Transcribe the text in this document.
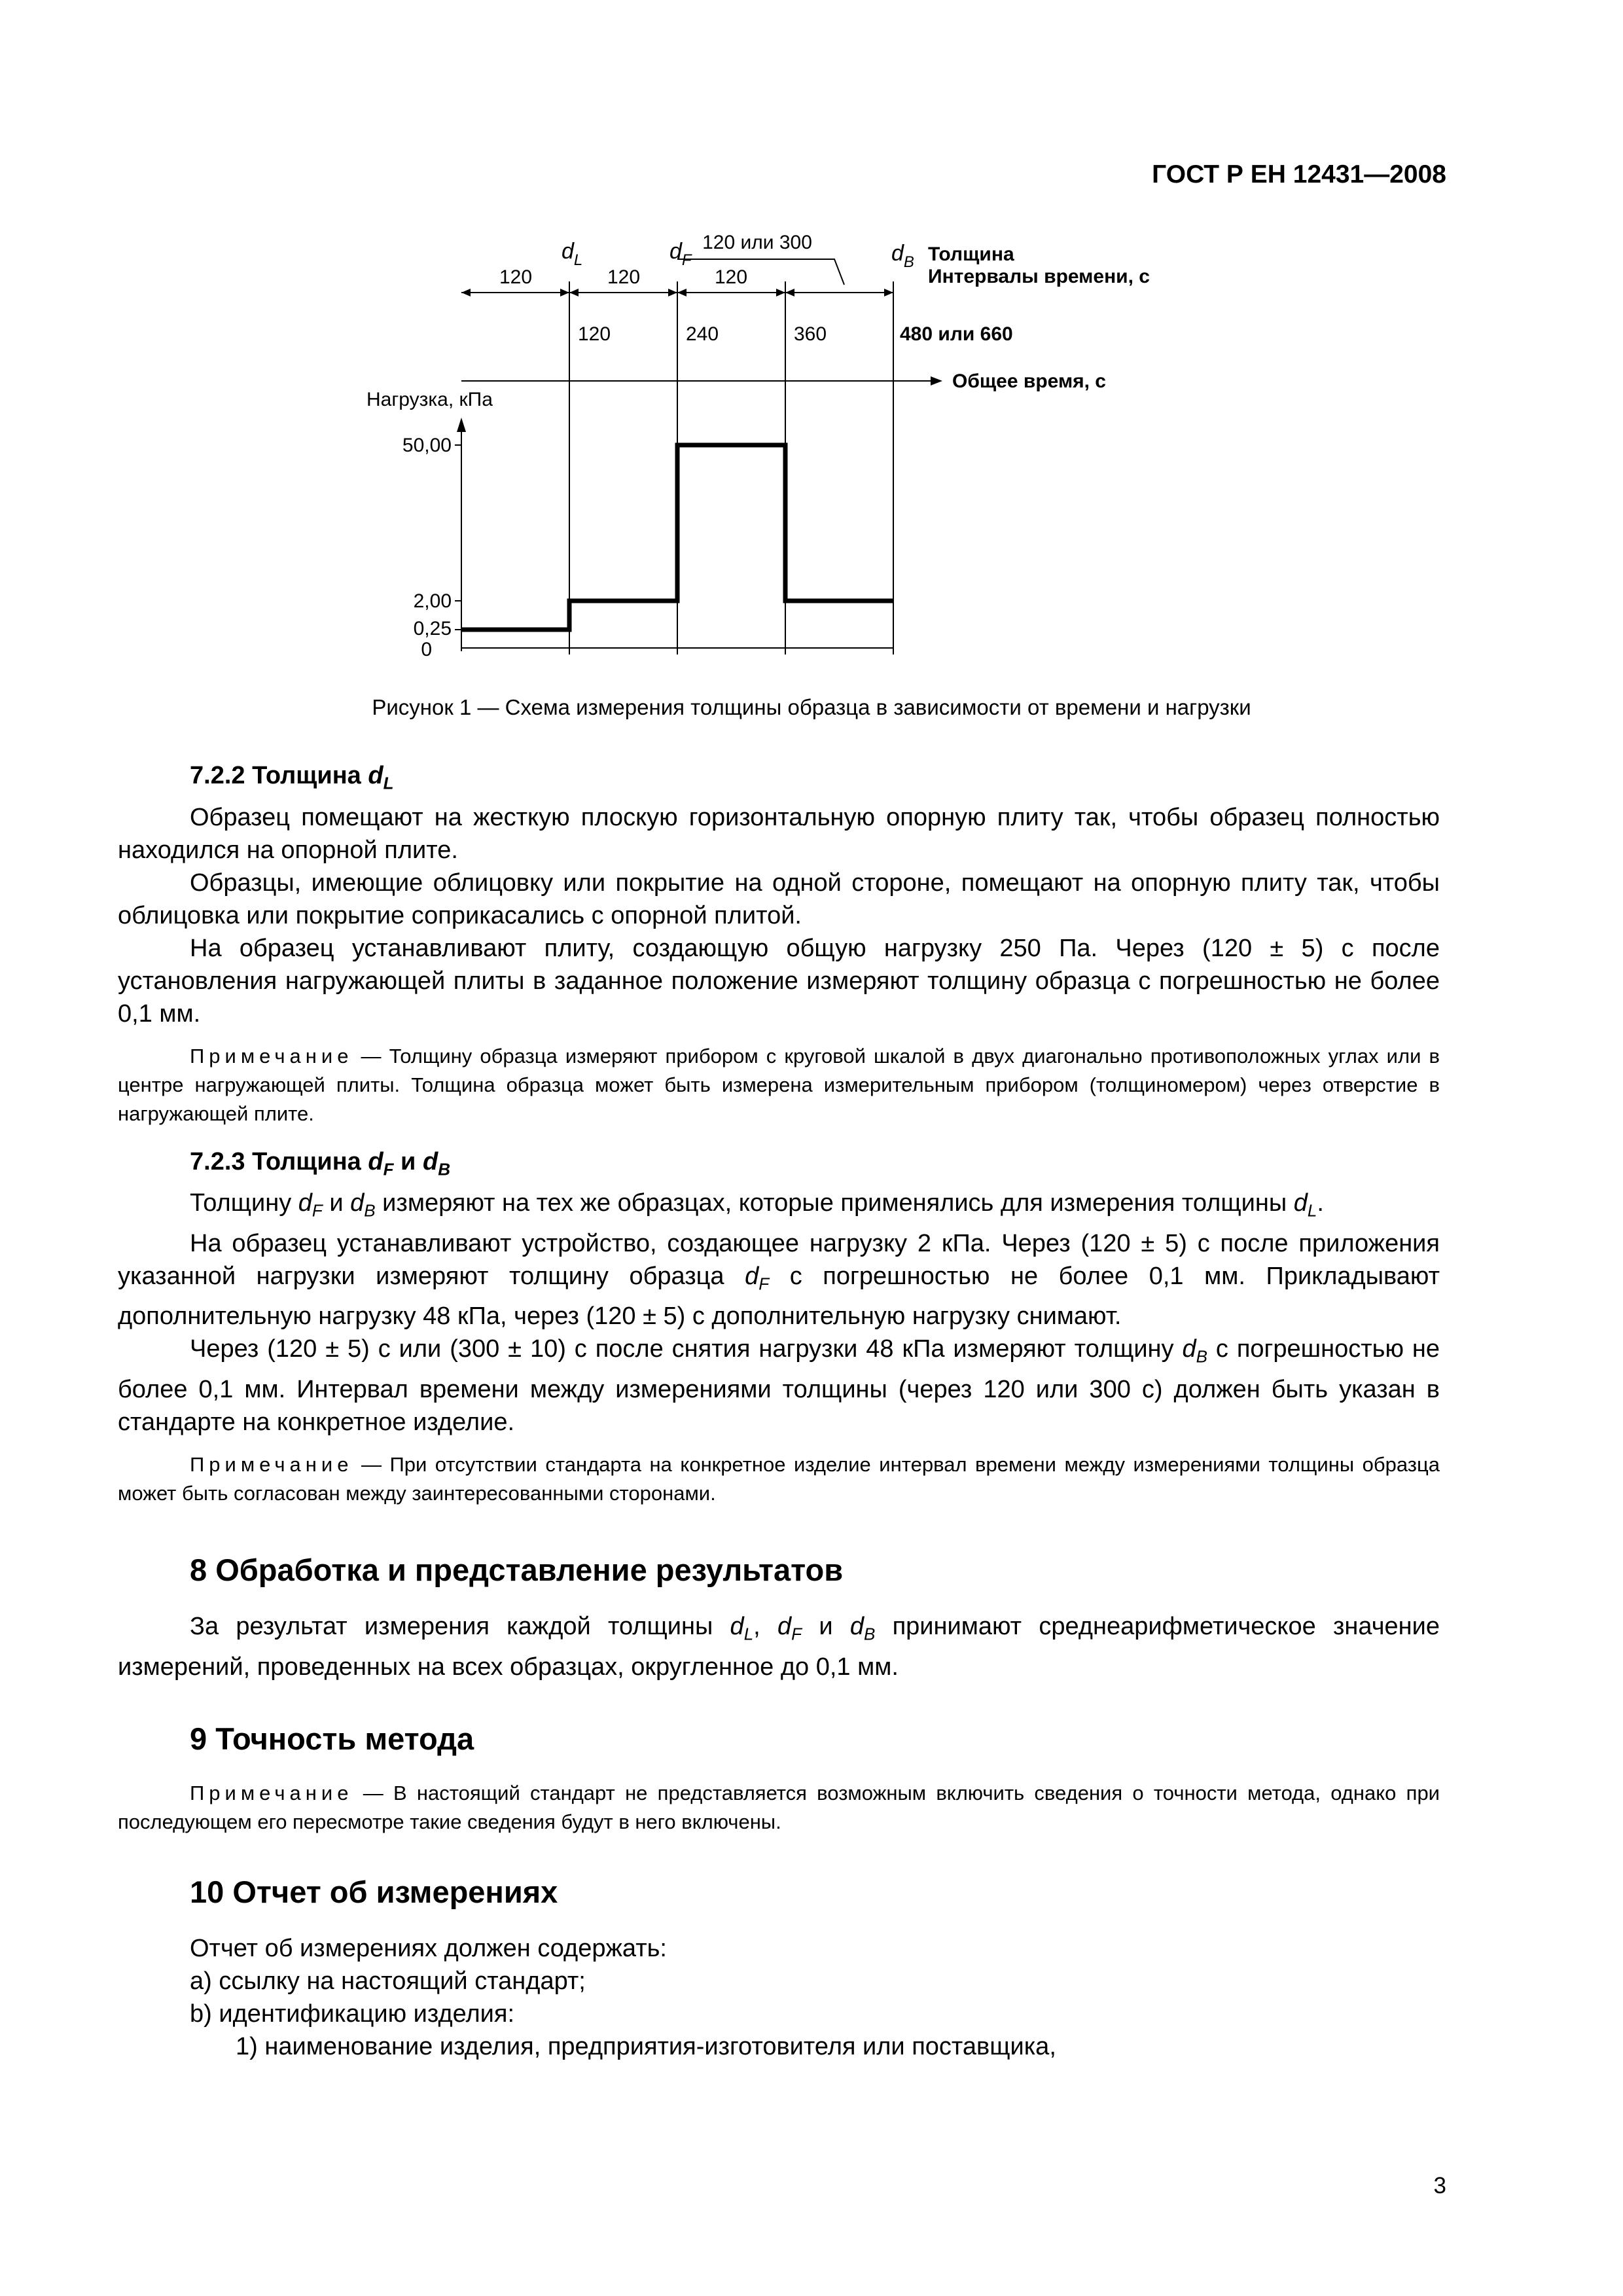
ГОСТ Р ЕН 12431—2008
120 или 300
120	120	120
$d_L$	$d_F$	$d_B$ Толщина
Интервалы времени, с
120	240	360	480 или 660
Общее время, с
Нагрузка, кПа
50,00
2,00
0,25
0
Рисунок 1 — Схема измерения толщины образца в зависимости от времени и нагрузки
7.2.2 Толщина $d_L$

Образец помещают на жесткую плоскую горизонтальную опорную плиту так, чтобы образец полностью находился на опорной плите.

Образцы, имеющие облицовку или покрытие на одной стороне, помещают на опорную плиту так, чтобы облицовка или покрытие соприкасались с опорной плитой.

На образец устанавливают плиту, создающую общую нагрузку 250 Па. Через (120 ± 5) с после установления нагружающей плиты в заданное положение измеряют толщину образца с погрешностью не более 0,1 мм.

Примечание — Толщину образца измеряют прибором с круговой шкалой в двух диагонально противоположных углах или в центре нагружающей плиты. Толщина образца может быть измерена измерительным прибором (толщиномером) через отверстие в нагружающей плите.

7.2.3 Толщина $d_F$ и $d_B$

Толщину $d_F$ и $d_B$ измеряют на тех же образцах, которые применялись для измерения толщины $d_L$.

На образец устанавливают устройство, создающее нагрузку 2 кПа. Через (120 ± 5) с после приложения указанной нагрузки измеряют толщину образца $d_F$ с погрешностью не более 0,1 мм. Прикладывают дополнительную нагрузку 48 кПа, через (120 ± 5) с дополнительную нагрузку снимают.

Через (120 ± 5) с или (300 ± 10) с после снятия нагрузки 48 кПа измеряют толщину $d_B$ с погрешностью не более 0,1 мм. Интервал времени между измерениями толщины (через 120 или 300 с) должен быть указан в стандарте на конкретное изделие.

Примечание — При отсутствии стандарта на конкретное изделие интервал времени между измерениями толщины образца может быть согласован между заинтересованными сторонами.

8 Обработка и представление результатов

За результат измерения каждой толщины $d_L$, $d_F$ и $d_B$ принимают среднеарифметическое значение измерений, проведенных на всех образцах, округленное до 0,1 мм.

9 Точность метода

Примечание — В настоящий стандарт не представляется возможным включить сведения о точности метода, однако при последующем его пересмотре такие сведения будут в него включены.

10 Отчет об измерениях
Отчет об измерениях должен содержать:
a) ссылку на настоящий стандарт;
b) идентификацию изделия:
1) наименование изделия, предприятия-изготовителя или поставщика,
3
